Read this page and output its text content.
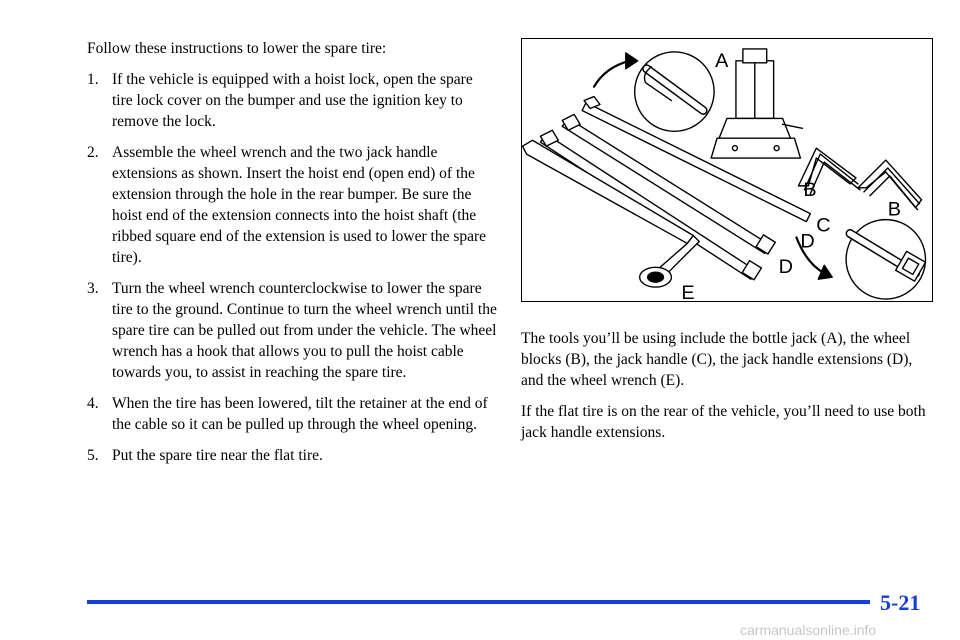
Follow these instructions to lower the spare tire:

1. If the vehicle is equipped with a hoist lock, open the spare tire lock cover on the bumper and use the ignition key to remove the lock.
2. Assemble the wheel wrench and the two jack handle extensions as shown. Insert the hoist end (open end) of the extension through the hole in the rear bumper. Be sure the hoist end of the extension connects into the hoist shaft (the ribbed square end of the extension is used to lower the spare tire).
3. Turn the wheel wrench counterclockwise to lower the spare tire to the ground. Continue to turn the wheel wrench until the spare tire can be pulled out from under the vehicle. The wheel wrench has a hook that allows you to pull the hoist cable towards you, to assist in reaching the spare tire.
4. When the tire has been lowered, tilt the retainer at the end of the cable so it can be pulled up through the wheel opening.
5. Put the spare tire near the flat tire.
A
B
B
C
D
D
E

The tools you’ll be using include the bottle jack (A), the wheel blocks (B), the jack handle (C), the jack handle extensions (D), and the wheel wrench (E).

If the flat tire is on the rear of the vehicle, you’ll need to use both jack handle extensions.

5-21
carmanualsonline.info
